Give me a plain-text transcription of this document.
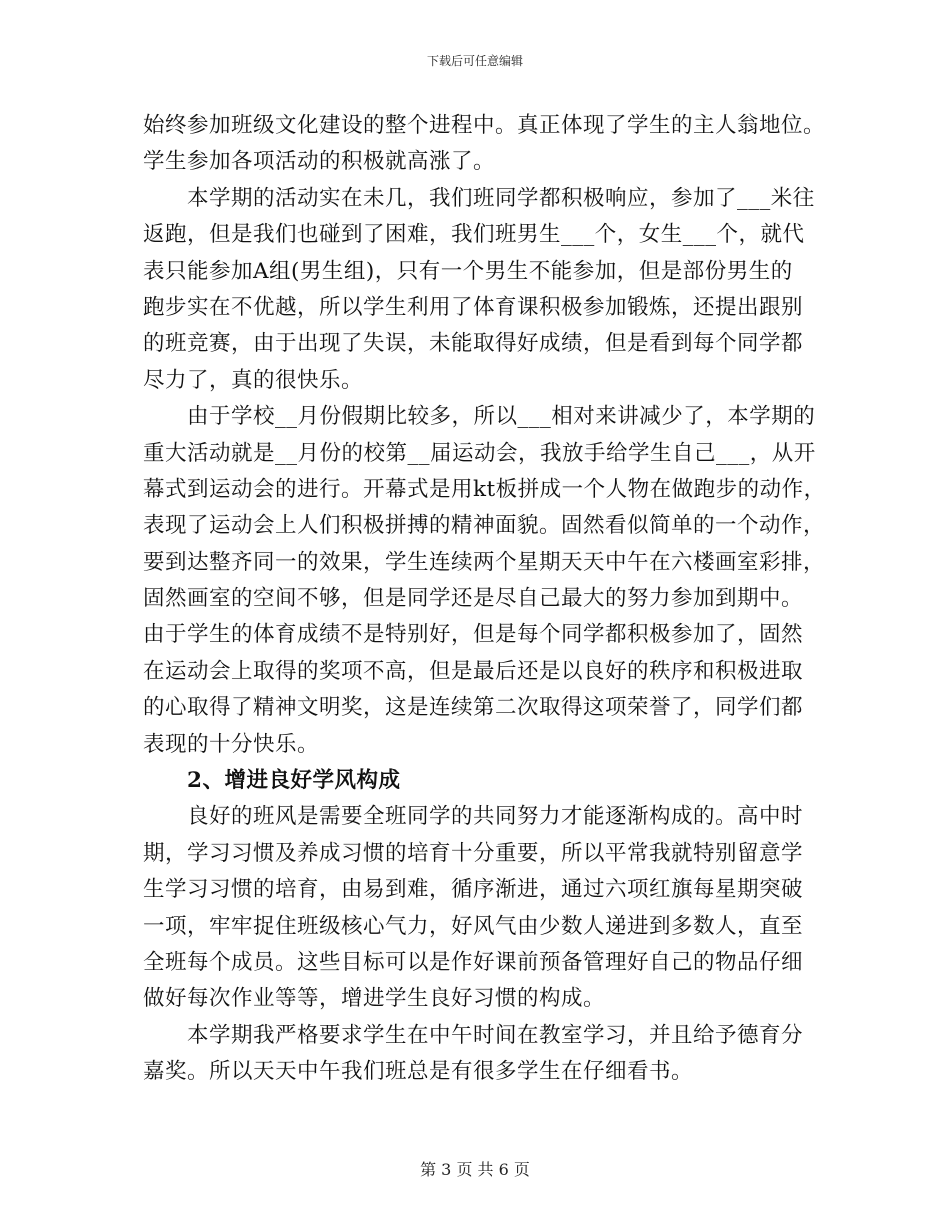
下载后可任意编辑
始终参加班级文化建设的整个进程中。真正体现了学生的主人翁地位。
学生参加各项活动的积极就高涨了。
本学期的活动实在未几，我们班同学都积极响应，参加了___米往
返跑，但是我们也碰到了困难，我们班男生___个，女生___个，就代
表只能参加A组(男生组)，只有一个男生不能参加，但是部份男生的
跑步实在不优越，所以学生利用了体育课积极参加锻炼，还提出跟别
的班竞赛，由于出现了失误，未能取得好成绩，但是看到每个同学都
尽力了，真的很快乐。
由于学校__月份假期比较多，所以___相对来讲减少了，本学期的
重大活动就是__月份的校第__届运动会，我放手给学生自己___，从开
幕式到运动会的进行。开幕式是用kt板拼成一个人物在做跑步的动作，
表现了运动会上人们积极拼搏的精神面貌。固然看似简单的一个动作，
要到达整齐同一的效果，学生连续两个星期天天中午在六楼画室彩排，
固然画室的空间不够，但是同学还是尽自己最大的努力参加到期中。
由于学生的体育成绩不是特别好，但是每个同学都积极参加了，固然
在运动会上取得的奖项不高，但是最后还是以良好的秩序和积极进取
的心取得了精神文明奖，这是连续第二次取得这项荣誉了，同学们都
表现的十分快乐。
2、增进良好学风构成
良好的班风是需要全班同学的共同努力才能逐渐构成的。高中时
期，学习习惯及养成习惯的培育十分重要，所以平常我就特别留意学
生学习习惯的培育，由易到难，循序渐进，通过六项红旗每星期突破
一项，牢牢捉住班级核心气力，好风气由少数人递进到多数人，直至
全班每个成员。这些目标可以是作好课前预备管理好自己的物品仔细
做好每次作业等等，增进学生良好习惯的构成。
本学期我严格要求学生在中午时间在教室学习，并且给予德育分
嘉奖。所以天天中午我们班总是有很多学生在仔细看书。
第 3 页 共 6 页
